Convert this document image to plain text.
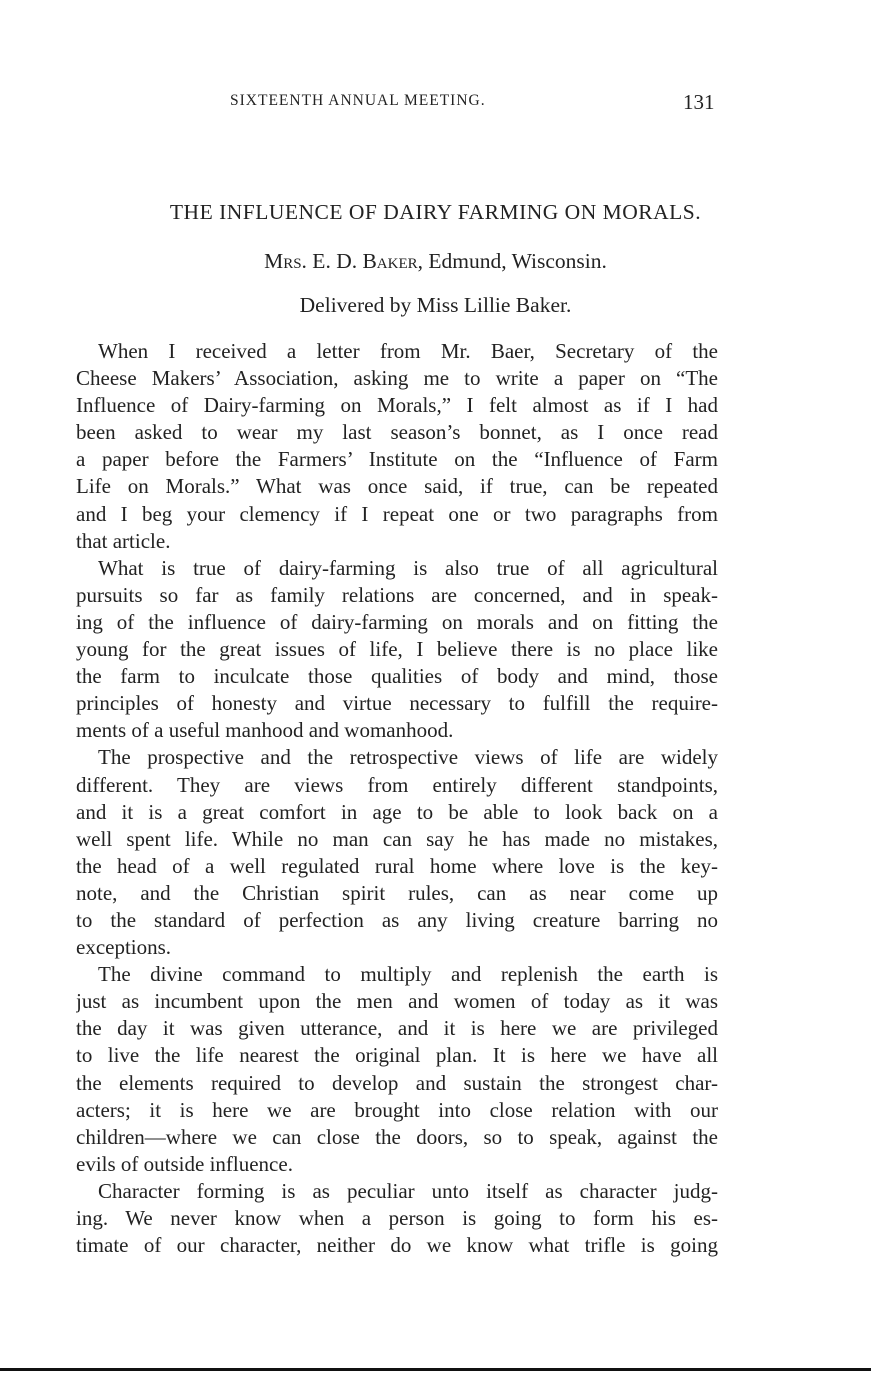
SIXTEENTH ANNUAL MEETING.	131
THE INFLUENCE OF DAIRY FARMING ON MORALS.
Mrs. E. D. Baker, Edmund, Wisconsin.
Delivered by Miss Lillie Baker.
When I received a letter from Mr. Baer, Secretary of the
Cheese Makers’ Association, asking me to write a paper on “The
Influence of Dairy-farming on Morals,” I felt almost as if I had
been asked to wear my last season’s bonnet, as I once read
a paper before the Farmers’ Institute on the “Influence of Farm
Life on Morals.” What was once said, if true, can be repeated
and I beg your clemency if I repeat one or two paragraphs from
that article.
What is true of dairy-farming is also true of all agricultural
pursuits so far as family relations are concerned, and in speak-
ing of the influence of dairy-farming on morals and on fitting the
young for the great issues of life, I believe there is no place like
the farm to inculcate those qualities of body and mind, those
principles of honesty and virtue necessary to fulfill the require-
ments of a useful manhood and womanhood.
The prospective and the retrospective views of life are widely
different. They are views from entirely different standpoints,
and it is a great comfort in age to be able to look back on a
well spent life. While no man can say he has made no mistakes,
the head of a well regulated rural home where love is the key-
note, and the Christian spirit rules, can as near come up
to the standard of perfection as any living creature barring no
exceptions.
The divine command to multiply and replenish the earth is
just as incumbent upon the men and women of today as it was
the day it was given utterance, and it is here we are privileged
to live the life nearest the original plan. It is here we have all
the elements required to develop and sustain the strongest char-
acters; it is here we are brought into close relation with our
children—where we can close the doors, so to speak, against the
evils of outside influence.
Character forming is as peculiar unto itself as character judg-
ing. We never know when a person is going to form his es-
timate of our character, neither do we know what trifle is going
